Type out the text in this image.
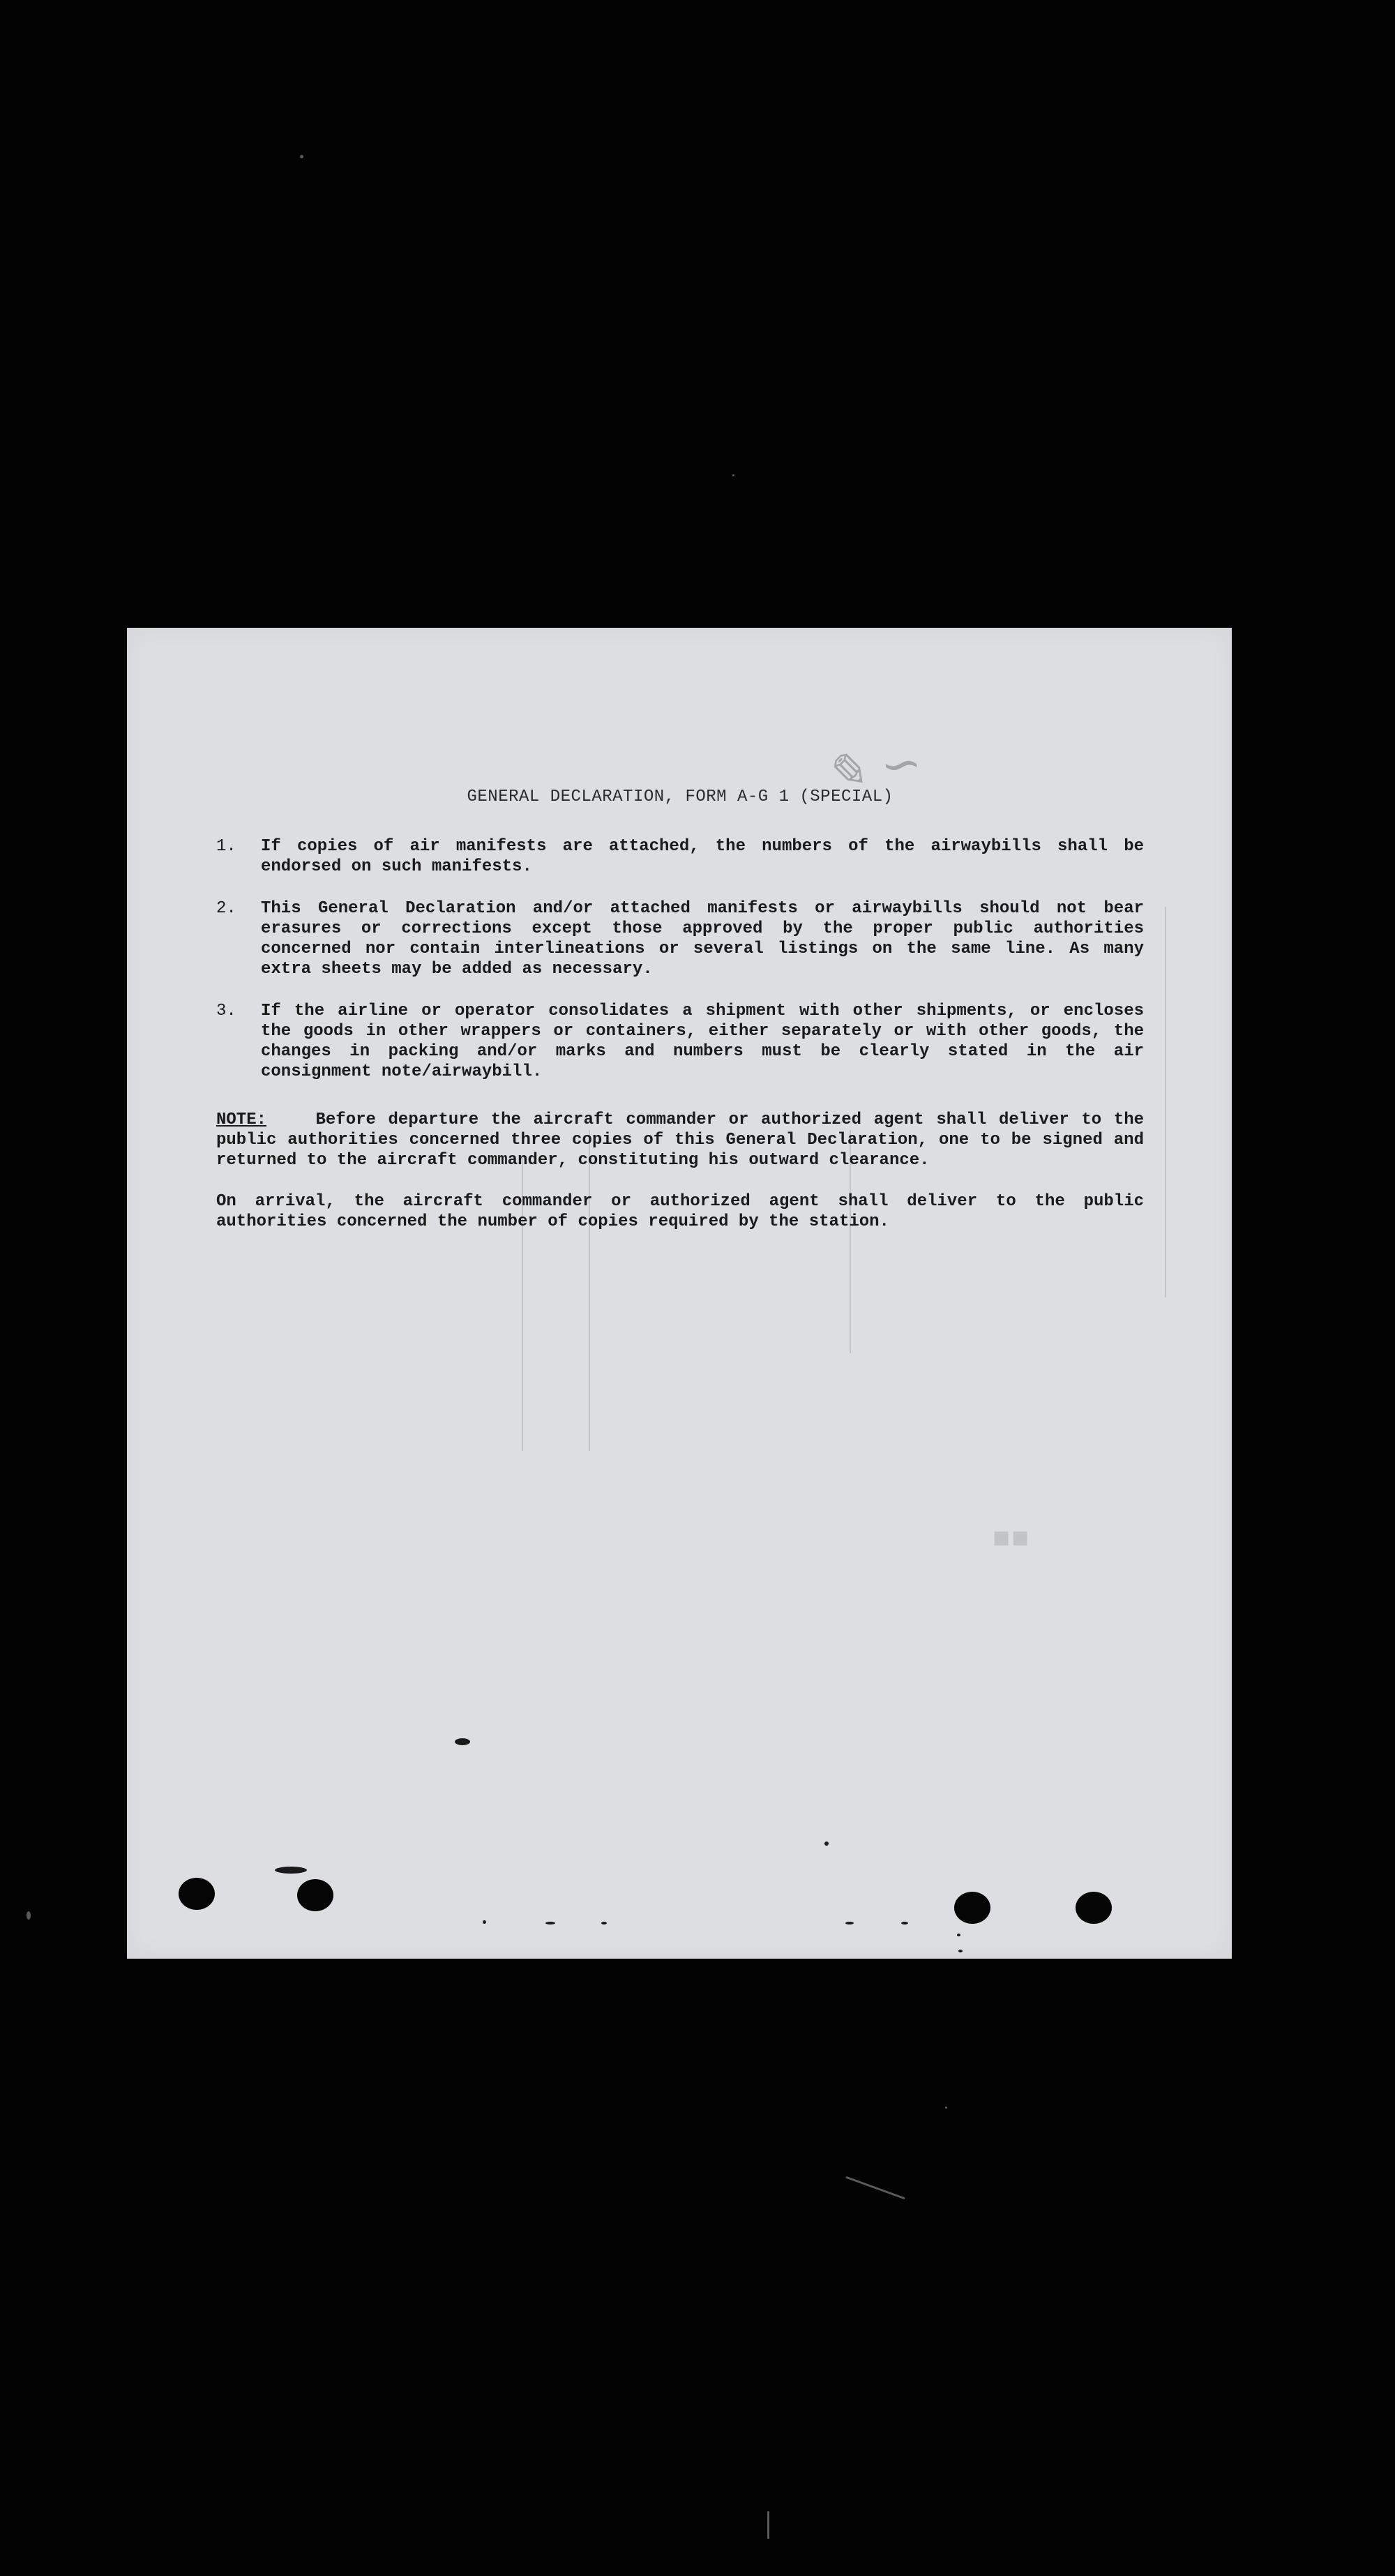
✎ ∽
▪▪
GENERAL DECLARATION, FORM A-G 1 (SPECIAL)
1.	If copies of air manifests are attached, the numbers of the airwaybills shall be endorsed on such manifests.
2.	This General Declaration and/or attached manifests or airwaybills should not bear erasures or corrections except those approved by the proper public authorities concerned nor contain interlineations or several listings on the same line. As many extra sheets may be added as necessary.
3.	If the airline or operator consolidates a shipment with other shipments, or encloses the goods in other wrappers or containers, either separately or with other goods, the changes in packing and/or marks and numbers must be clearly stated in the air consignment note/airwaybill.
NOTE:	Before departure the aircraft commander or authorized agent shall deliver to the public authorities concerned three copies of this General Declaration, one to be signed and returned to the aircraft commander, constituting his outward clearance.
On arrival, the aircraft commander or authorized agent shall deliver to the public authorities concerned the number of copies required by the station.
